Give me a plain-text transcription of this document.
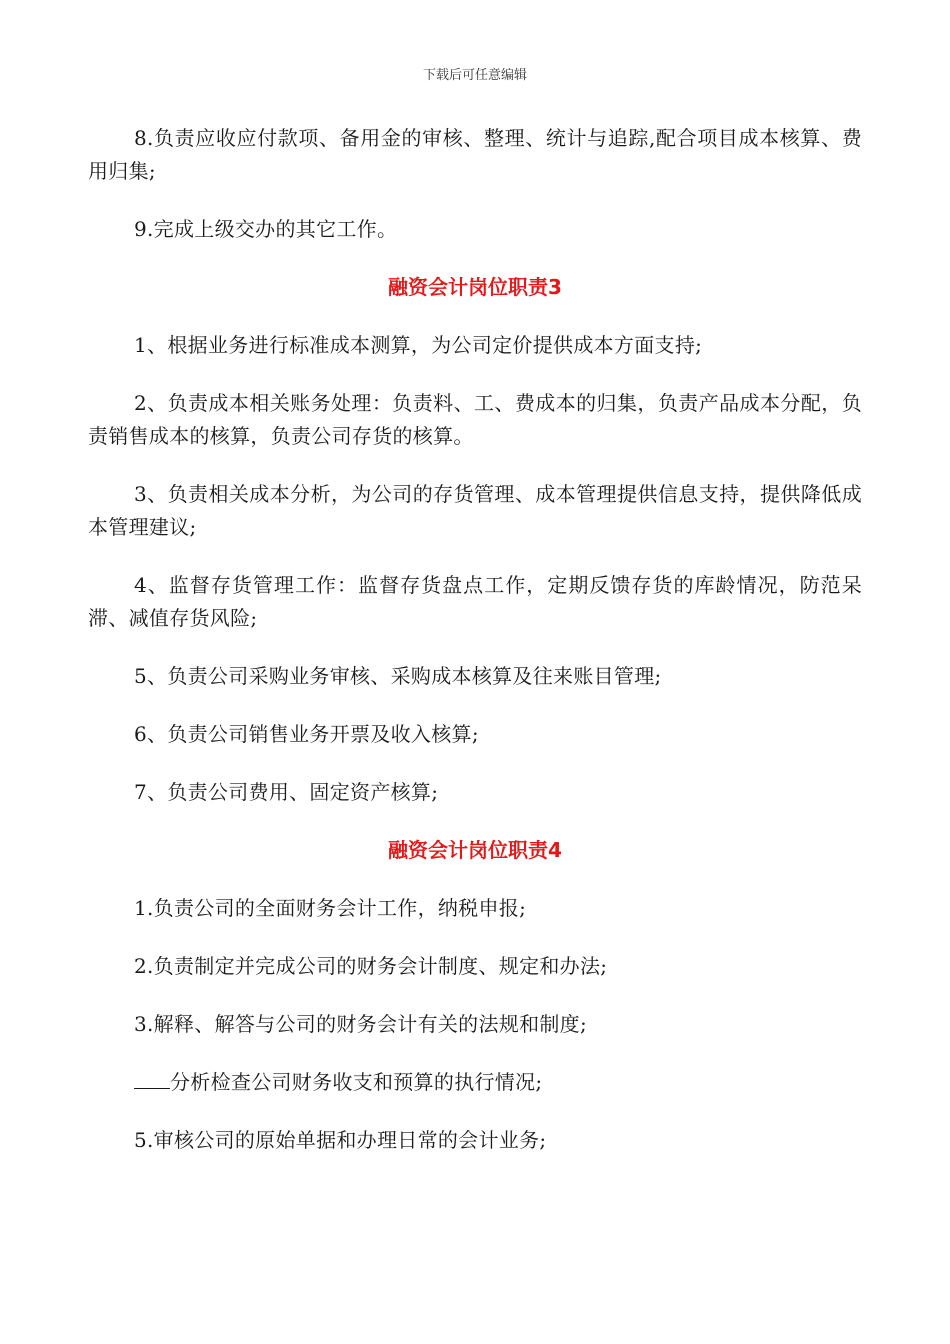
下载后可任意编辑

8.负责应收应付款项、备用金的审核、整理、统计与追踪,配合项目成本核算、费用归集;

9.完成上级交办的其它工作。

融资会计岗位职责3

1、根据业务进行标准成本测算，为公司定价提供成本方面支持;

2、负责成本相关账务处理：负责料、工、费成本的归集，负责产品成本分配，负责销售成本的核算，负责公司存货的核算。

3、负责相关成本分析，为公司的存货管理、成本管理提供信息支持，提供降低成本管理建议;

4、监督存货管理工作：监督存货盘点工作，定期反馈存货的库龄情况，防范呆滞、减值存货风险;

5、负责公司采购业务审核、采购成本核算及往来账目管理;

6、负责公司销售业务开票及收入核算;

7、负责公司费用、固定资产核算;

融资会计岗位职责4

1.负责公司的全面财务会计工作，纳税申报;

2.负责制定并完成公司的财务会计制度、规定和办法;

3.解释、解答与公司的财务会计有关的法规和制度;

分析检查公司财务收支和预算的执行情况;

5.审核公司的原始单据和办理日常的会计业务;
